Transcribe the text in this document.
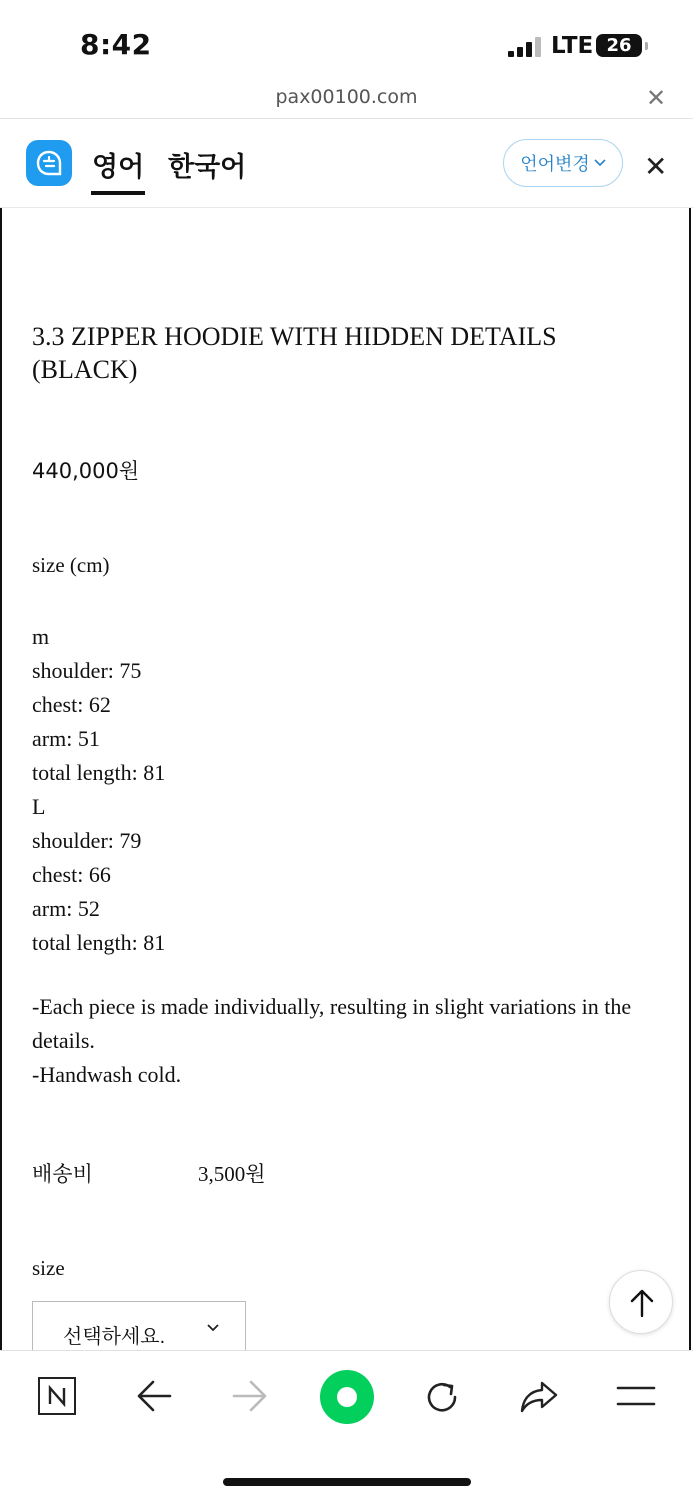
8:42	LTE 26
pax00100.com	✕
영어 한국어	언어변경 ✕
3.3 ZIPPER HOODIE WITH HIDDEN DETAILS (BLACK)
440,000원
size (cm)
m
shoulder: 75
chest: 62
arm: 51
total length: 81
L
shoulder: 79
chest: 66
arm: 52
total length: 81
-Each piece is made individually, resulting in slight variations in the details.
-Handwash cold.
배송비	3,500원
size
선택하세요.
